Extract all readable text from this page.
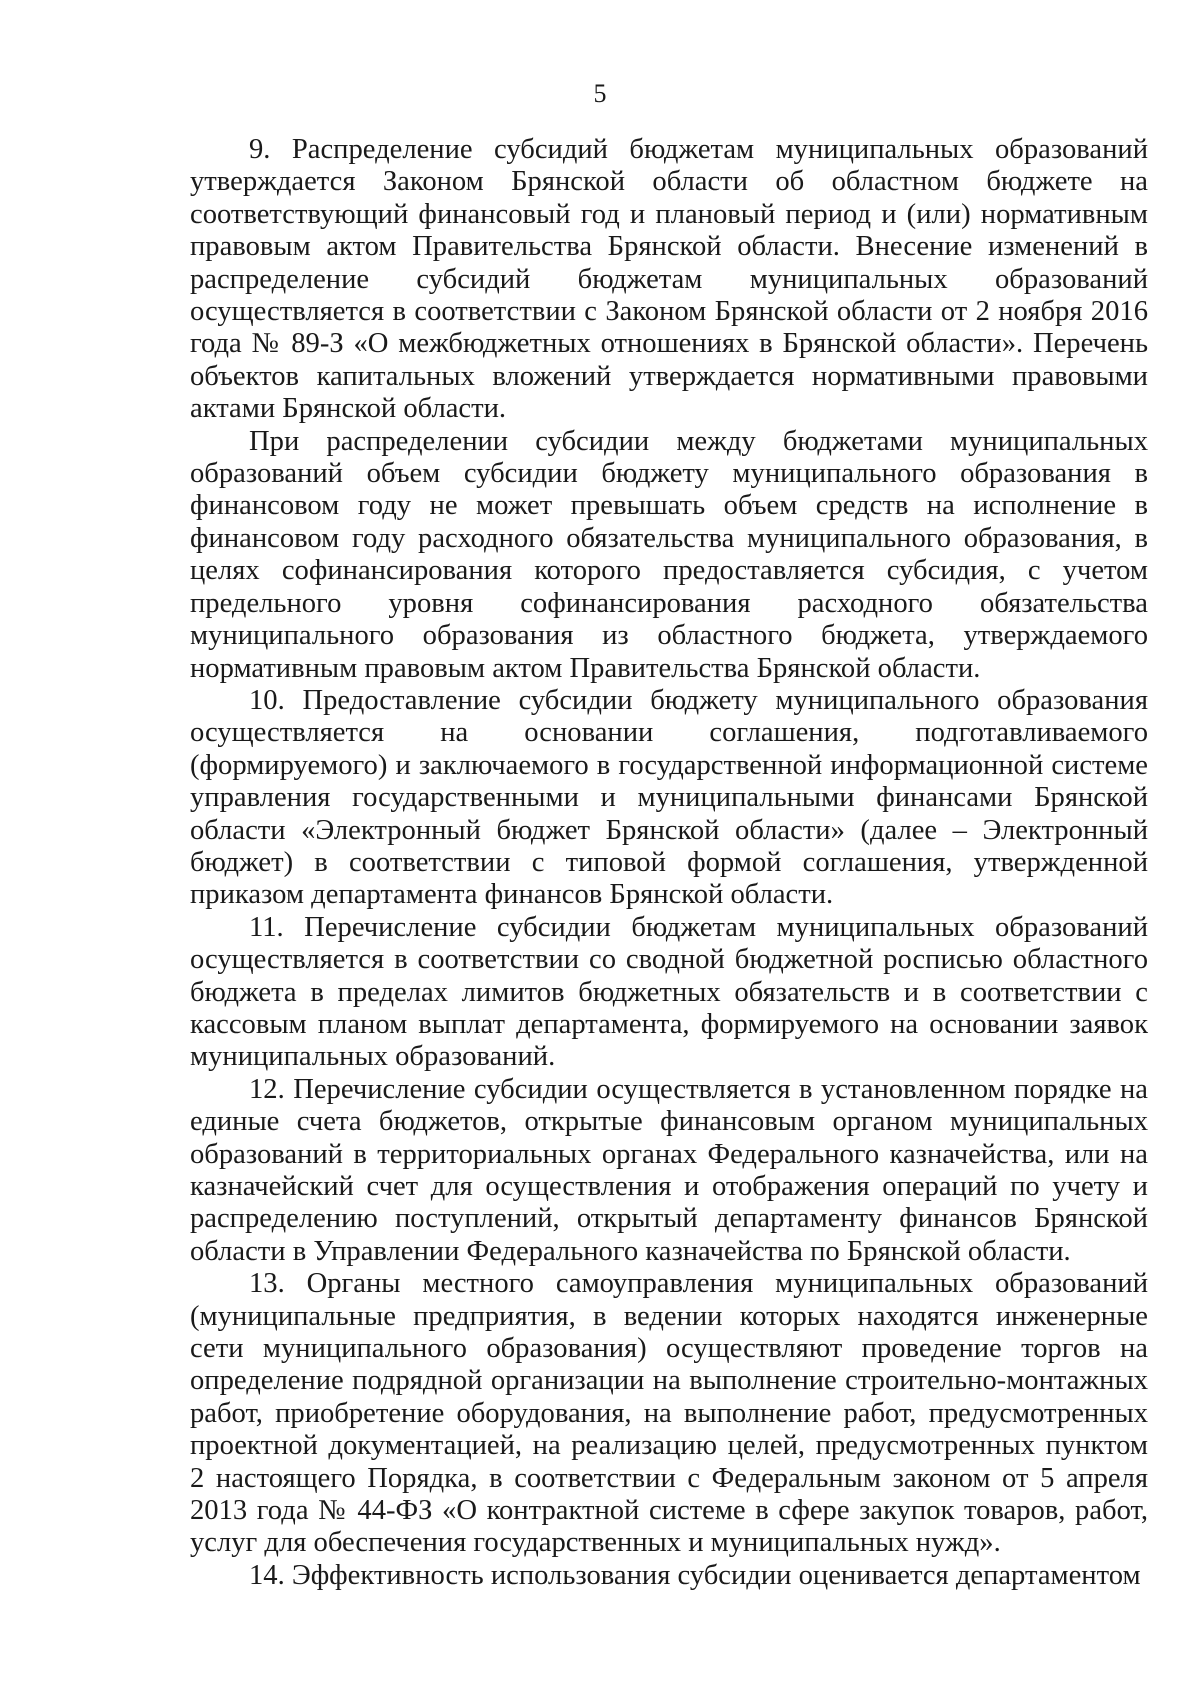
5

9. Распределение субсидий бюджетам муниципальных образований утверждается Законом Брянской области об областном бюджете на соответствующий финансовый год и плановый период и (или) нормативным правовым актом Правительства Брянской области. Внесение изменений в распределение субсидий бюджетам муниципальных образований осуществляется в соответствии с Законом Брянской области от 2 ноября 2016 года № 89-З «О межбюджетных отношениях в Брянской области». Перечень объектов капитальных вложений утверждается нормативными правовыми актами Брянской области.

При распределении субсидии между бюджетами муниципальных образований объем субсидии бюджету муниципального образования в финансовом году не может превышать объем средств на исполнение в финансовом году расходного обязательства муниципального образования, в целях софинансирования которого предоставляется субсидия, с учетом предельного уровня софинансирования расходного обязательства муниципального образования из областного бюджета, утверждаемого нормативным правовым актом Правительства Брянской области.

10. Предоставление субсидии бюджету муниципального образования осуществляется на основании соглашения, подготавливаемого (формируемого) и заключаемого в государственной информационной системе управления государственными и муниципальными финансами Брянской области «Электронный бюджет Брянской области» (далее – Электронный бюджет) в соответствии с типовой формой соглашения, утвержденной приказом департамента финансов Брянской области.

11. Перечисление субсидии бюджетам муниципальных образований осуществляется в соответствии со сводной бюджетной росписью областного бюджета в пределах лимитов бюджетных обязательств и в соответствии с кассовым планом выплат департамента, формируемого на основании заявок муниципальных образований.

12. Перечисление субсидии осуществляется в установленном порядке на единые счета бюджетов, открытые финансовым органом муниципальных образований в территориальных органах Федерального казначейства, или на казначейский счет для осуществления и отображения операций по учету и распределению поступлений, открытый департаменту финансов Брянской области в Управлении Федерального казначейства по Брянской области.

13. Органы местного самоуправления муниципальных образований (муниципальные предприятия, в ведении которых находятся инженерные сети муниципального образования) осуществляют проведение торгов на определение подрядной организации на выполнение строительно-монтажных работ, приобретение оборудования, на выполнение работ, предусмотренных проектной документацией, на реализацию целей, предусмотренных пунктом 2 настоящего Порядка, в соответствии с Федеральным законом от 5 апреля 2013 года № 44-ФЗ «О контрактной системе в сфере закупок товаров, работ, услуг для обеспечения государственных и муниципальных нужд».

14. Эффективность использования субсидии оценивается департаментом
